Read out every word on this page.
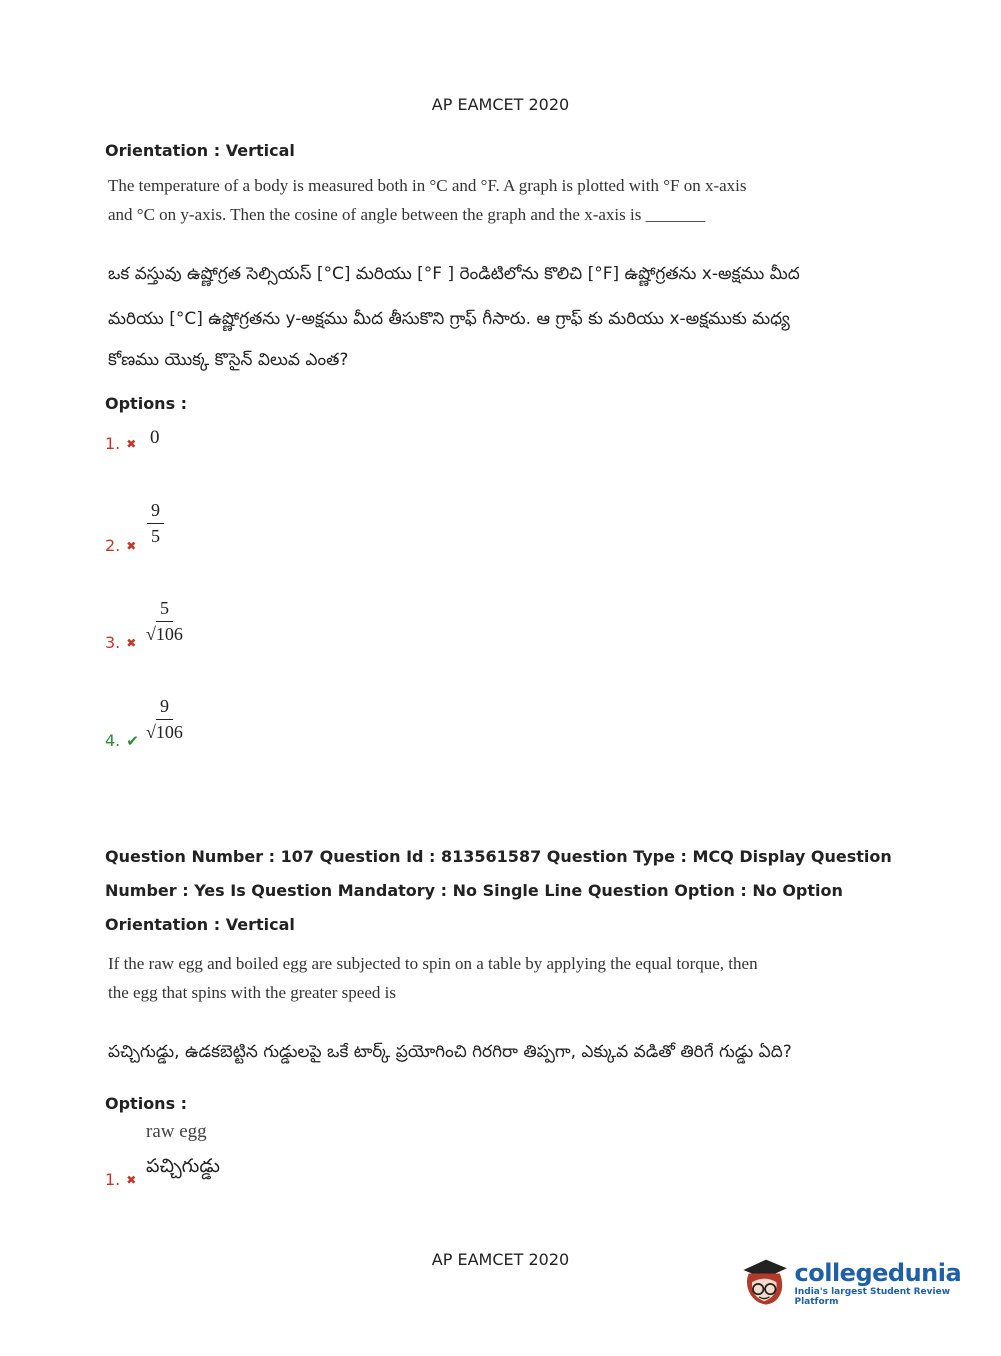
AP EAMCET 2020
Orientation : Vertical
The temperature of a body is measured both in °C and °F. A graph is plotted with °F on x-axis
and °C on y-axis. Then the cosine of angle between the graph and the x-axis is _______
ఒక వస్తువు ఉష్ణోగ్రత సెల్సియస్ [°C] మరియు [°F ] రెండిటిలోను కొలిచి [°F] ఉష్ణోగ్రతను x-అక్షము మీద
మరియు [°C] ఉష్ణోగ్రతను y-అక్షము మీద తీసుకొని గ్రాఫ్ గీసారు. ఆ గ్రాఫ్ కు మరియు x-అక్షముకు మధ్య
కోణము యొక్క కొసైన్ విలువ ఎంత?
Options :
1. ✖ 0
2. ✖ $\frac{9}{5}$
3. ✖ $\frac{5}{√106}$
4. ✔ $\frac{9}{√106}$
Question Number : 107 Question Id : 813561587 Question Type : MCQ Display Question
Number : Yes Is Question Mandatory : No Single Line Question Option : No Option
Orientation : Vertical
If the raw egg and boiled egg are subjected to spin on a table by applying the equal torque, then
the egg that spins with the greater speed is
పచ్చిగుడ్డు, ఉడకబెట్టిన గుడ్డులపై ఒకే టార్క్ ప్రయోగించి గిరగిరా తిప్పగా, ఎక్కువ వడితో తిరిగే గుడ్డు ఏది?
Options :
raw egg
పచ్చిగుడ్డు
1. ✖
AP EAMCET 2020	collegedunia
India's largest Student Review Platform
